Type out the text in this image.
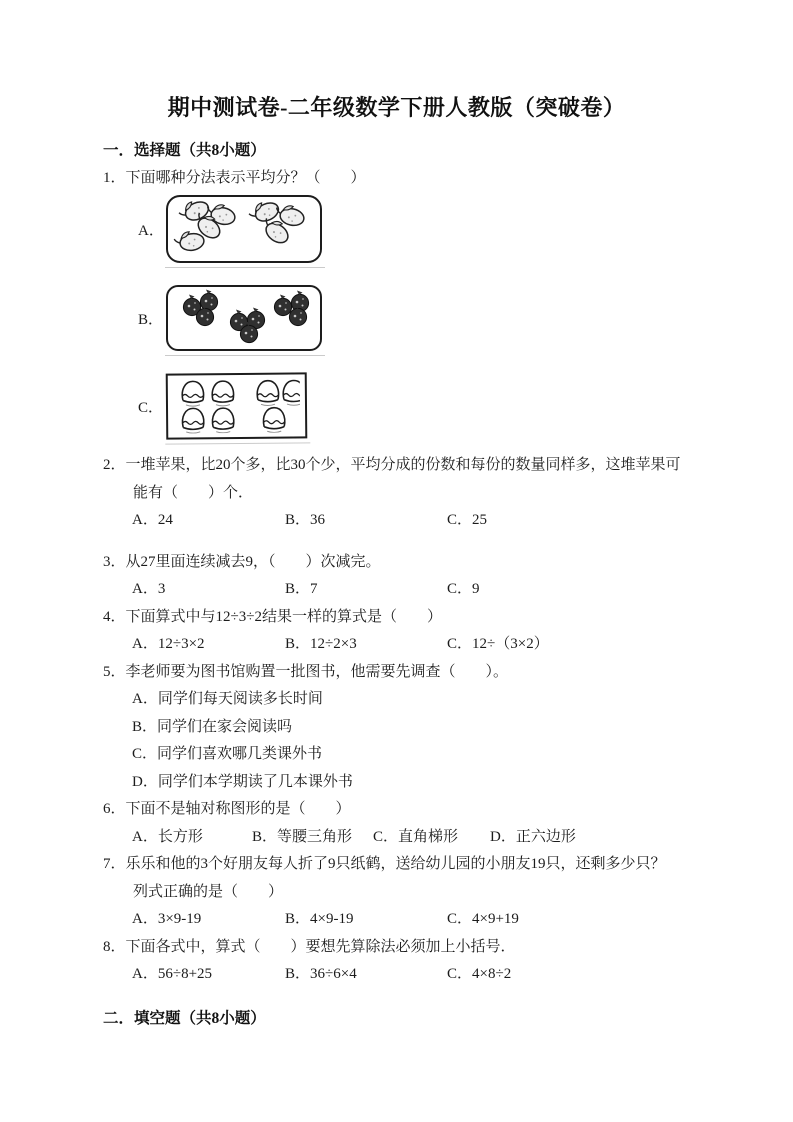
期中测试卷-二年级数学下册人教版（突破卷）
一．选择题（共8小题）

1．下面哪种分法表示平均分？（　　）

A．
B．
C．

2．一堆苹果，比20个多，比30个少，平均分成的份数和每份的数量同样多，这堆苹果可

能有（　　）个．

A．24	B．36	C．25

3．从27里面连续减去9，（　　）次减完。

A．3	B．7	C．9

4．下面算式中与12÷3÷2结果一样的算式是（　　）

A．12÷3×2	B．12÷2×3	C．12÷（3×2）

5．李老师要为图书馆购置一批图书，他需要先调查（　　）。

A．同学们每天阅读多长时间

B．同学们在家会阅读吗

C．同学们喜欢哪几类课外书

D．同学们本学期读了几本课外书

6．下面不是轴对称图形的是（　　）

A．长方形	B．等腰三角形	C．直角梯形	D．正六边形

7．乐乐和他的3个好朋友每人折了9只纸鹤，送给幼儿园的小朋友19只，还剩多少只？

列式正确的是（　　）

A．3×9-19	B．4×9-19	C．4×9+19

8．下面各式中，算式（　　）要想先算除法必须加上小括号．

A．56÷8+25	B．36÷6×4	C．4×8÷2
二．填空题（共8小题）
